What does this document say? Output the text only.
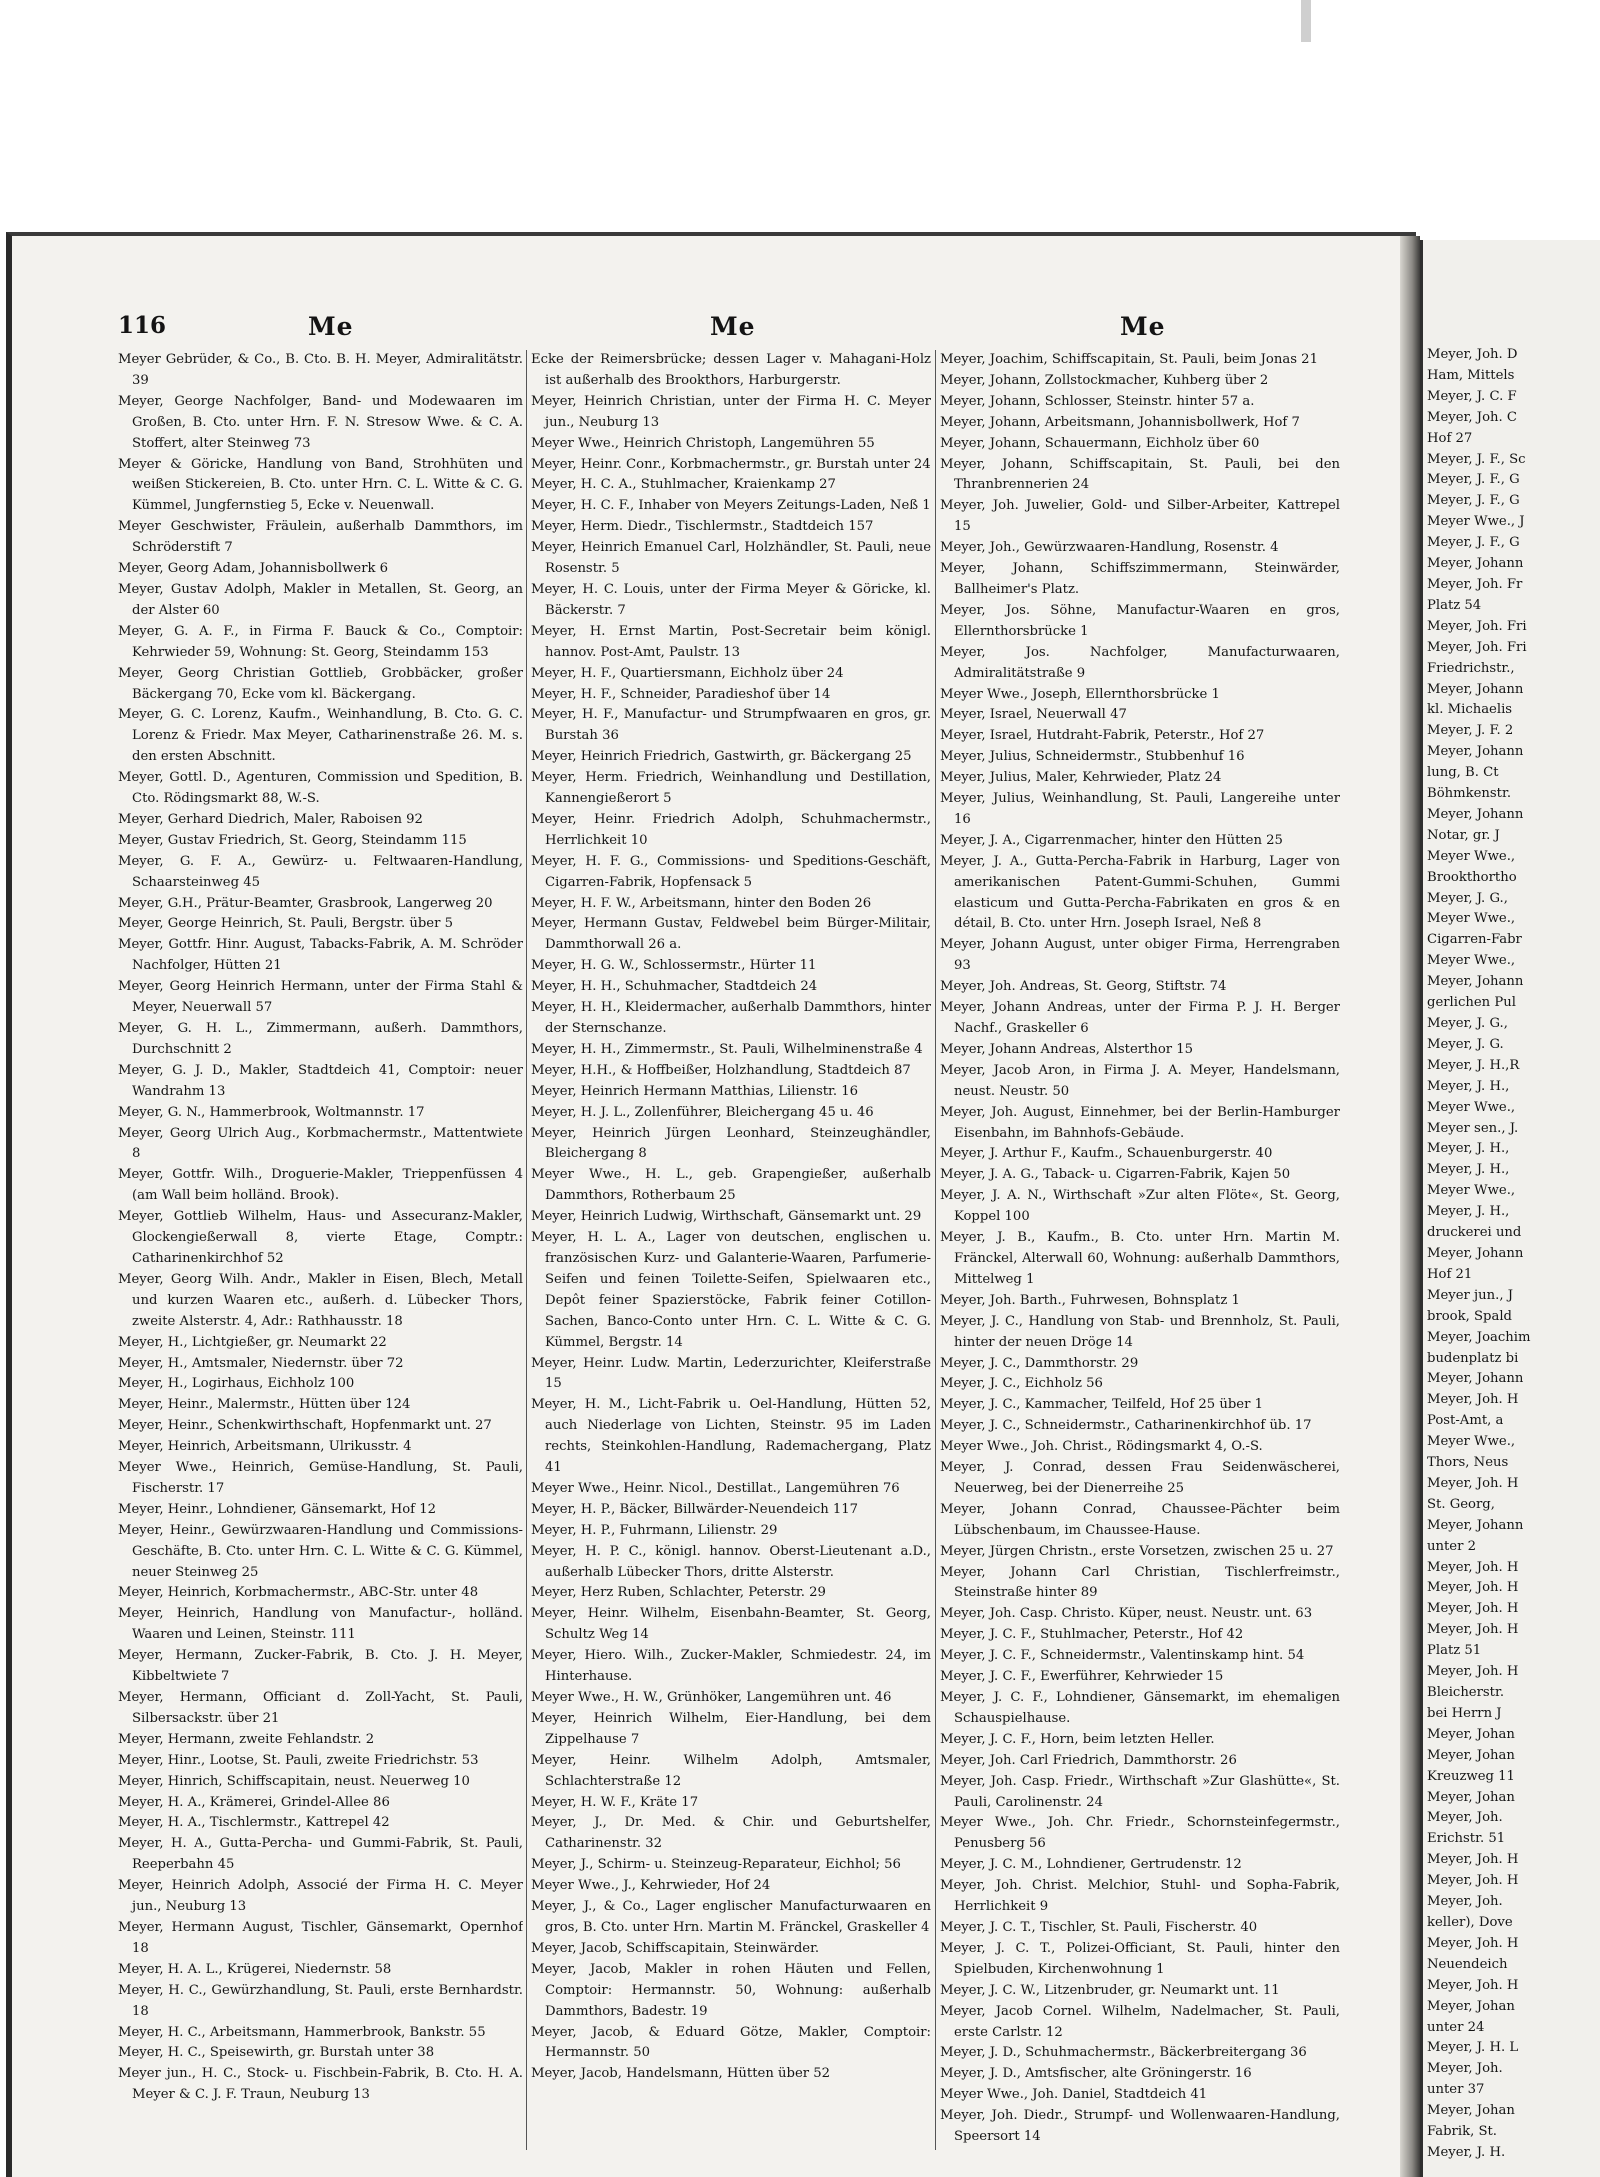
Meyer, Joh. D

Ham, Mittels

Meyer, J. C. F

Meyer, Joh. C

Hof 27

Meyer, J. F., Sc

Meyer, J. F., G

Meyer, J. F., G

Meyer Wwe., J

Meyer, J. F., G

Meyer, Johann

Meyer, Joh. Fr

Platz 54

Meyer, Joh. Fri

Meyer, Joh. Fri

Friedrichstr.,

Meyer, Johann

kl. Michaelis

Meyer, J. F. 2

Meyer, Johann

lung, B. Ct

Böhmkenstr.

Meyer, Johann

Notar, gr. J

Meyer Wwe.,

Brookthortho

Meyer, J. G.,

Meyer Wwe.,

Cigarren-Fabr

Meyer Wwe.,

Meyer, Johann

gerlichen Pul

Meyer, J. G.,

Meyer, J. G.

Meyer, J. H.,R

Meyer, J. H.,

Meyer Wwe.,

Meyer sen., J.

Meyer, J. H.,

Meyer, J. H.,

Meyer Wwe.,

Meyer, J. H.,

druckerei und

Meyer, Johann

Hof 21

Meyer jun., J

brook, Spald

Meyer, Joachim

budenplatz bi

Meyer, Johann

Meyer, Joh. H

Post-Amt, a

Meyer Wwe.,

Thors, Neus

Meyer, Joh. H

St. Georg,

Meyer, Johann

unter 2

Meyer, Joh. H

Meyer, Joh. H

Meyer, Joh. H

Meyer, Joh. H

Platz 51

Meyer, Joh. H

Bleicherstr.

bei Herrn J

Meyer, Johan

Meyer, Johan

Kreuzweg 11

Meyer, Johan

Meyer, Joh.

Erichstr. 51

Meyer, Joh. H

Meyer, Joh. H

Meyer, Joh.

keller), Dove

Meyer, Joh. H

Neuendeich

Meyer, Joh. H

Meyer, Johan

unter 24

Meyer, J. H. L

Meyer, Joh.

unter 37

Meyer, Johan

Fabrik, St.

Meyer, J. H.

116	Me	Me	Me

Meyer Gebrüder, & Co., B. Cto. B. H. Meyer, Admiralitätstr. 39

Meyer, George Nachfolger, Band- und Modewaaren im Großen, B. Cto. unter Hrn. F. N. Stresow Wwe. & C. A. Stoffert, alter Steinweg 73

Meyer & Göricke, Handlung von Band, Strohhüten und weißen Stickereien, B. Cto. unter Hrn. C. L. Witte & C. G. Kümmel, Jungfernstieg 5, Ecke v. Neuenwall.

Meyer Geschwister, Fräulein, außerhalb Dammthors, im Schröderstift 7

Meyer, Georg Adam, Johannisbollwerk 6

Meyer, Gustav Adolph, Makler in Metallen, St. Georg, an der Alster 60

Meyer, G. A. F., in Firma F. Bauck & Co., Comptoir: Kehrwieder 59, Wohnung: St. Georg, Steindamm 153

Meyer, Georg Christian Gottlieb, Grobbäcker, großer Bäckergang 70, Ecke vom kl. Bäckergang.

Meyer, G. C. Lorenz, Kaufm., Weinhandlung, B. Cto. G. C. Lorenz & Friedr. Max Meyer, Catharinenstraße 26. M. s. den ersten Abschnitt.

Meyer, Gottl. D., Agenturen, Commission und Spedition, B. Cto. Rödingsmarkt 88, W.-S.

Meyer, Gerhard Diedrich, Maler, Raboisen 92

Meyer, Gustav Friedrich, St. Georg, Steindamm 115

Meyer, G. F. A., Gewürz- u. Feltwaaren-Handlung, Schaarsteinweg 45

Meyer, G.H., Prätur-Beamter, Grasbrook, Langerweg 20

Meyer, George Heinrich, St. Pauli, Bergstr. über 5

Meyer, Gottfr. Hinr. August, Tabacks-Fabrik, A. M. Schröder Nachfolger, Hütten 21

Meyer, Georg Heinrich Hermann, unter der Firma Stahl & Meyer, Neuerwall 57

Meyer, G. H. L., Zimmermann, außerh. Dammthors, Durchschnitt 2

Meyer, G. J. D., Makler, Stadtdeich 41, Comptoir: neuer Wandrahm 13

Meyer, G. N., Hammerbrook, Woltmannstr. 17

Meyer, Georg Ulrich Aug., Korbmachermstr., Mattentwiete 8

Meyer, Gottfr. Wilh., Droguerie-Makler, Trieppenfüssen 4 (am Wall beim holländ. Brook).

Meyer, Gottlieb Wilhelm, Haus- und Assecuranz-Makler, Glockengießerwall 8, vierte Etage, Comptr.: Catharinenkirchhof 52

Meyer, Georg Wilh. Andr., Makler in Eisen, Blech, Metall und kurzen Waaren etc., außerh. d. Lübecker Thors, zweite Alsterstr. 4, Adr.: Rathhausstr. 18

Meyer, H., Lichtgießer, gr. Neumarkt 22

Meyer, H., Amtsmaler, Niedernstr. über 72

Meyer, H., Logirhaus, Eichholz 100

Meyer, Heinr., Malermstr., Hütten über 124

Meyer, Heinr., Schenkwirthschaft, Hopfenmarkt unt. 27

Meyer, Heinrich, Arbeitsmann, Ulrikusstr. 4

Meyer Wwe., Heinrich, Gemüse-Handlung, St. Pauli, Fischerstr. 17

Meyer, Heinr., Lohndiener, Gänsemarkt, Hof 12

Meyer, Heinr., Gewürzwaaren-Handlung und Commissions-Geschäfte, B. Cto. unter Hrn. C. L. Witte & C. G. Kümmel, neuer Steinweg 25

Meyer, Heinrich, Korbmachermstr., ABC-Str. unter 48

Meyer, Heinrich, Handlung von Manufactur-, holländ. Waaren und Leinen, Steinstr. 111

Meyer, Hermann, Zucker-Fabrik, B. Cto. J. H. Meyer, Kibbeltwiete 7

Meyer, Hermann, Officiant d. Zoll-Yacht, St. Pauli, Silbersackstr. über 21

Meyer, Hermann, zweite Fehlandstr. 2

Meyer, Hinr., Lootse, St. Pauli, zweite Friedrichstr. 53

Meyer, Hinrich, Schiffscapitain, neust. Neuerweg 10

Meyer, H. A., Krämerei, Grindel-Allee 86

Meyer, H. A., Tischlermstr., Kattrepel 42

Meyer, H. A., Gutta-Percha- und Gummi-Fabrik, St. Pauli, Reeperbahn 45

Meyer, Heinrich Adolph, Associé der Firma H. C. Meyer jun., Neuburg 13

Meyer, Hermann August, Tischler, Gänsemarkt, Opernhof 18

Meyer, H. A. L., Krügerei, Niedernstr. 58

Meyer, H. C., Gewürzhandlung, St. Pauli, erste Bernhardstr. 18

Meyer, H. C., Arbeitsmann, Hammerbrook, Bankstr. 55

Meyer, H. C., Speisewirth, gr. Burstah unter 38

Meyer jun., H. C., Stock- u. Fischbein-Fabrik, B. Cto. H. A. Meyer & C. J. F. Traun, Neuburg 13

Ecke der Reimersbrücke; dessen Lager v. Mahagani-Holz ist außerhalb des Brookthors, Harburgerstr.

Meyer, Heinrich Christian, unter der Firma H. C. Meyer jun., Neuburg 13

Meyer Wwe., Heinrich Christoph, Langemühren 55

Meyer, Heinr. Conr., Korbmachermstr., gr. Burstah unter 24

Meyer, H. C. A., Stuhlmacher, Kraienkamp 27

Meyer, H. C. F., Inhaber von Meyers Zeitungs-Laden, Neß 1

Meyer, Herm. Diedr., Tischlermstr., Stadtdeich 157

Meyer, Heinrich Emanuel Carl, Holzhändler, St. Pauli, neue Rosenstr. 5

Meyer, H. C. Louis, unter der Firma Meyer & Göricke, kl. Bäckerstr. 7

Meyer, H. Ernst Martin, Post-Secretair beim königl. hannov. Post-Amt, Paulstr. 13

Meyer, H. F., Quartiersmann, Eichholz über 24

Meyer, H. F., Schneider, Paradieshof über 14

Meyer, H. F., Manufactur- und Strumpfwaaren en gros, gr. Burstah 36

Meyer, Heinrich Friedrich, Gastwirth, gr. Bäckergang 25

Meyer, Herm. Friedrich, Weinhandlung und Destillation, Kannengießerort 5

Meyer, Heinr. Friedrich Adolph, Schuhmachermstr., Herrlichkeit 10

Meyer, H. F. G., Commissions- und Speditions-Geschäft, Cigarren-Fabrik, Hopfensack 5

Meyer, H. F. W., Arbeitsmann, hinter den Boden 26

Meyer, Hermann Gustav, Feldwebel beim Bürger-Militair, Dammthorwall 26 a.

Meyer, H. G. W., Schlossermstr., Hürter 11

Meyer, H. H., Schuhmacher, Stadtdeich 24

Meyer, H. H., Kleidermacher, außerhalb Dammthors, hinter der Sternschanze.

Meyer, H. H., Zimmermstr., St. Pauli, Wilhelminenstraße 4

Meyer, H.H., & Hoffbeißer, Holzhandlung, Stadtdeich 87

Meyer, Heinrich Hermann Matthias, Lilienstr. 16

Meyer, H. J. L., Zollenführer, Bleichergang 45 u. 46

Meyer, Heinrich Jürgen Leonhard, Steinzeughändler, Bleichergang 8

Meyer Wwe., H. L., geb. Grapengießer, außerhalb Dammthors, Rotherbaum 25

Meyer, Heinrich Ludwig, Wirthschaft, Gänsemarkt unt. 29

Meyer, H. L. A., Lager von deutschen, englischen u. französischen Kurz- und Galanterie-Waaren, Parfumerie-Seifen und feinen Toilette-Seifen, Spielwaaren etc., Depôt feiner Spazierstöcke, Fabrik feiner Cotillon-Sachen, Banco-Conto unter Hrn. C. L. Witte & C. G. Kümmel, Bergstr. 14

Meyer, Heinr. Ludw. Martin, Lederzurichter, Kleiferstraße 15

Meyer, H. M., Licht-Fabrik u. Oel-Handlung, Hütten 52, auch Niederlage von Lichten, Steinstr. 95 im Laden rechts, Steinkohlen-Handlung, Rademachergang, Platz 41

Meyer Wwe., Heinr. Nicol., Destillat., Langemühren 76

Meyer, H. P., Bäcker, Billwärder-Neuendeich 117

Meyer, H. P., Fuhrmann, Lilienstr. 29

Meyer, H. P. C., königl. hannov. Oberst-Lieutenant a.D., außerhalb Lübecker Thors, dritte Alsterstr.

Meyer, Herz Ruben, Schlachter, Peterstr. 29

Meyer, Heinr. Wilhelm, Eisenbahn-Beamter, St. Georg, Schultz Weg 14

Meyer, Hiero. Wilh., Zucker-Makler, Schmiedestr. 24, im Hinterhause.

Meyer Wwe., H. W., Grünhöker, Langemühren unt. 46

Meyer, Heinrich Wilhelm, Eier-Handlung, bei dem Zippelhause 7

Meyer, Heinr. Wilhelm Adolph, Amtsmaler, Schlachterstraße 12

Meyer, H. W. F., Kräte 17

Meyer, J., Dr. Med. & Chir. und Geburtshelfer, Catharinenstr. 32

Meyer, J., Schirm- u. Steinzeug-Reparateur, Eichhol; 56

Meyer Wwe., J., Kehrwieder, Hof 24

Meyer, J., & Co., Lager englischer Manufacturwaaren en gros, B. Cto. unter Hrn. Martin M. Fränckel, Graskeller 4

Meyer, Jacob, Schiffscapitain, Steinwärder.

Meyer, Jacob, Makler in rohen Häuten und Fellen, Comptoir: Hermannstr. 50, Wohnung: außerhalb Dammthors, Badestr. 19

Meyer, Jacob, & Eduard Götze, Makler, Comptoir: Hermannstr. 50

Meyer, Jacob, Handelsmann, Hütten über 52

Meyer, Joachim, Schiffscapitain, St. Pauli, beim Jonas 21

Meyer, Johann, Zollstockmacher, Kuhberg über 2

Meyer, Johann, Schlosser, Steinstr. hinter 57 a.

Meyer, Johann, Arbeitsmann, Johannisbollwerk, Hof 7

Meyer, Johann, Schauermann, Eichholz über 60

Meyer, Johann, Schiffscapitain, St. Pauli, bei den Thranbrennerien 24

Meyer, Joh. Juwelier, Gold- und Silber-Arbeiter, Kattrepel 15

Meyer, Joh., Gewürzwaaren-Handlung, Rosenstr. 4

Meyer, Johann, Schiffszimmermann, Steinwärder, Ballheimer's Platz.

Meyer, Jos. Söhne, Manufactur-Waaren en gros, Ellernthorsbrücke 1

Meyer, Jos. Nachfolger, Manufacturwaaren, Admiralitätstraße 9

Meyer Wwe., Joseph, Ellernthorsbrücke 1

Meyer, Israel, Neuerwall 47

Meyer, Israel, Hutdraht-Fabrik, Peterstr., Hof 27

Meyer, Julius, Schneidermstr., Stubbenhuf 16

Meyer, Julius, Maler, Kehrwieder, Platz 24

Meyer, Julius, Weinhandlung, St. Pauli, Langereihe unter 16

Meyer, J. A., Cigarrenmacher, hinter den Hütten 25

Meyer, J. A., Gutta-Percha-Fabrik in Harburg, Lager von amerikanischen Patent-Gummi-Schuhen, Gummi elasticum und Gutta-Percha-Fabrikaten en gros & en détail, B. Cto. unter Hrn. Joseph Israel, Neß 8

Meyer, Johann August, unter obiger Firma, Herrengraben 93

Meyer, Joh. Andreas, St. Georg, Stiftstr. 74

Meyer, Johann Andreas, unter der Firma P. J. H. Berger Nachf., Graskeller 6

Meyer, Johann Andreas, Alsterthor 15

Meyer, Jacob Aron, in Firma J. A. Meyer, Handelsmann, neust. Neustr. 50

Meyer, Joh. August, Einnehmer, bei der Berlin-Hamburger Eisenbahn, im Bahnhofs-Gebäude.

Meyer, J. Arthur F., Kaufm., Schauenburgerstr. 40

Meyer, J. A. G., Taback- u. Cigarren-Fabrik, Kajen 50

Meyer, J. A. N., Wirthschaft »Zur alten Flöte«, St. Georg, Koppel 100

Meyer, J. B., Kaufm., B. Cto. unter Hrn. Martin M. Fränckel, Alterwall 60, Wohnung: außerhalb Dammthors, Mittelweg 1

Meyer, Joh. Barth., Fuhrwesen, Bohnsplatz 1

Meyer, J. C., Handlung von Stab- und Brennholz, St. Pauli, hinter der neuen Dröge 14

Meyer, J. C., Dammthorstr. 29

Meyer, J. C., Eichholz 56

Meyer, J. C., Kammacher, Teilfeld, Hof 25 über 1

Meyer, J. C., Schneidermstr., Catharinenkirchhof üb. 17

Meyer Wwe., Joh. Christ., Rödingsmarkt 4, O.-S.

Meyer, J. Conrad, dessen Frau Seidenwäscherei, Neuerweg, bei der Dienerreihe 25

Meyer, Johann Conrad, Chaussee-Pächter beim Lübschenbaum, im Chaussee-Hause.

Meyer, Jürgen Christn., erste Vorsetzen, zwischen 25 u. 27

Meyer, Johann Carl Christian, Tischlerfreimstr., Steinstraße hinter 89

Meyer, Joh. Casp. Christo. Küper, neust. Neustr. unt. 63

Meyer, J. C. F., Stuhlmacher, Peterstr., Hof 42

Meyer, J. C. F., Schneidermstr., Valentinskamp hint. 54

Meyer, J. C. F., Ewerführer, Kehrwieder 15

Meyer, J. C. F., Lohndiener, Gänsemarkt, im ehemaligen Schauspielhause.

Meyer, J. C. F., Horn, beim letzten Heller.

Meyer, Joh. Carl Friedrich, Dammthorstr. 26

Meyer, Joh. Casp. Friedr., Wirthschaft »Zur Glashütte«, St. Pauli, Carolinenstr. 24

Meyer Wwe., Joh. Chr. Friedr., Schornsteinfegermstr., Penusberg 56

Meyer, J. C. M., Lohndiener, Gertrudenstr. 12

Meyer, Joh. Christ. Melchior, Stuhl- und Sopha-Fabrik, Herrlichkeit 9

Meyer, J. C. T., Tischler, St. Pauli, Fischerstr. 40

Meyer, J. C. T., Polizei-Officiant, St. Pauli, hinter den Spielbuden, Kirchenwohnung 1

Meyer, J. C. W., Litzenbruder, gr. Neumarkt unt. 11

Meyer, Jacob Cornel. Wilhelm, Nadelmacher, St. Pauli, erste Carlstr. 12

Meyer, J. D., Schuhmachermstr., Bäckerbreitergang 36

Meyer, J. D., Amtsfischer, alte Gröningerstr. 16

Meyer Wwe., Joh. Daniel, Stadtdeich 41

Meyer, Joh. Diedr., Strumpf- und Wollenwaaren-Handlung, Speersort 14
